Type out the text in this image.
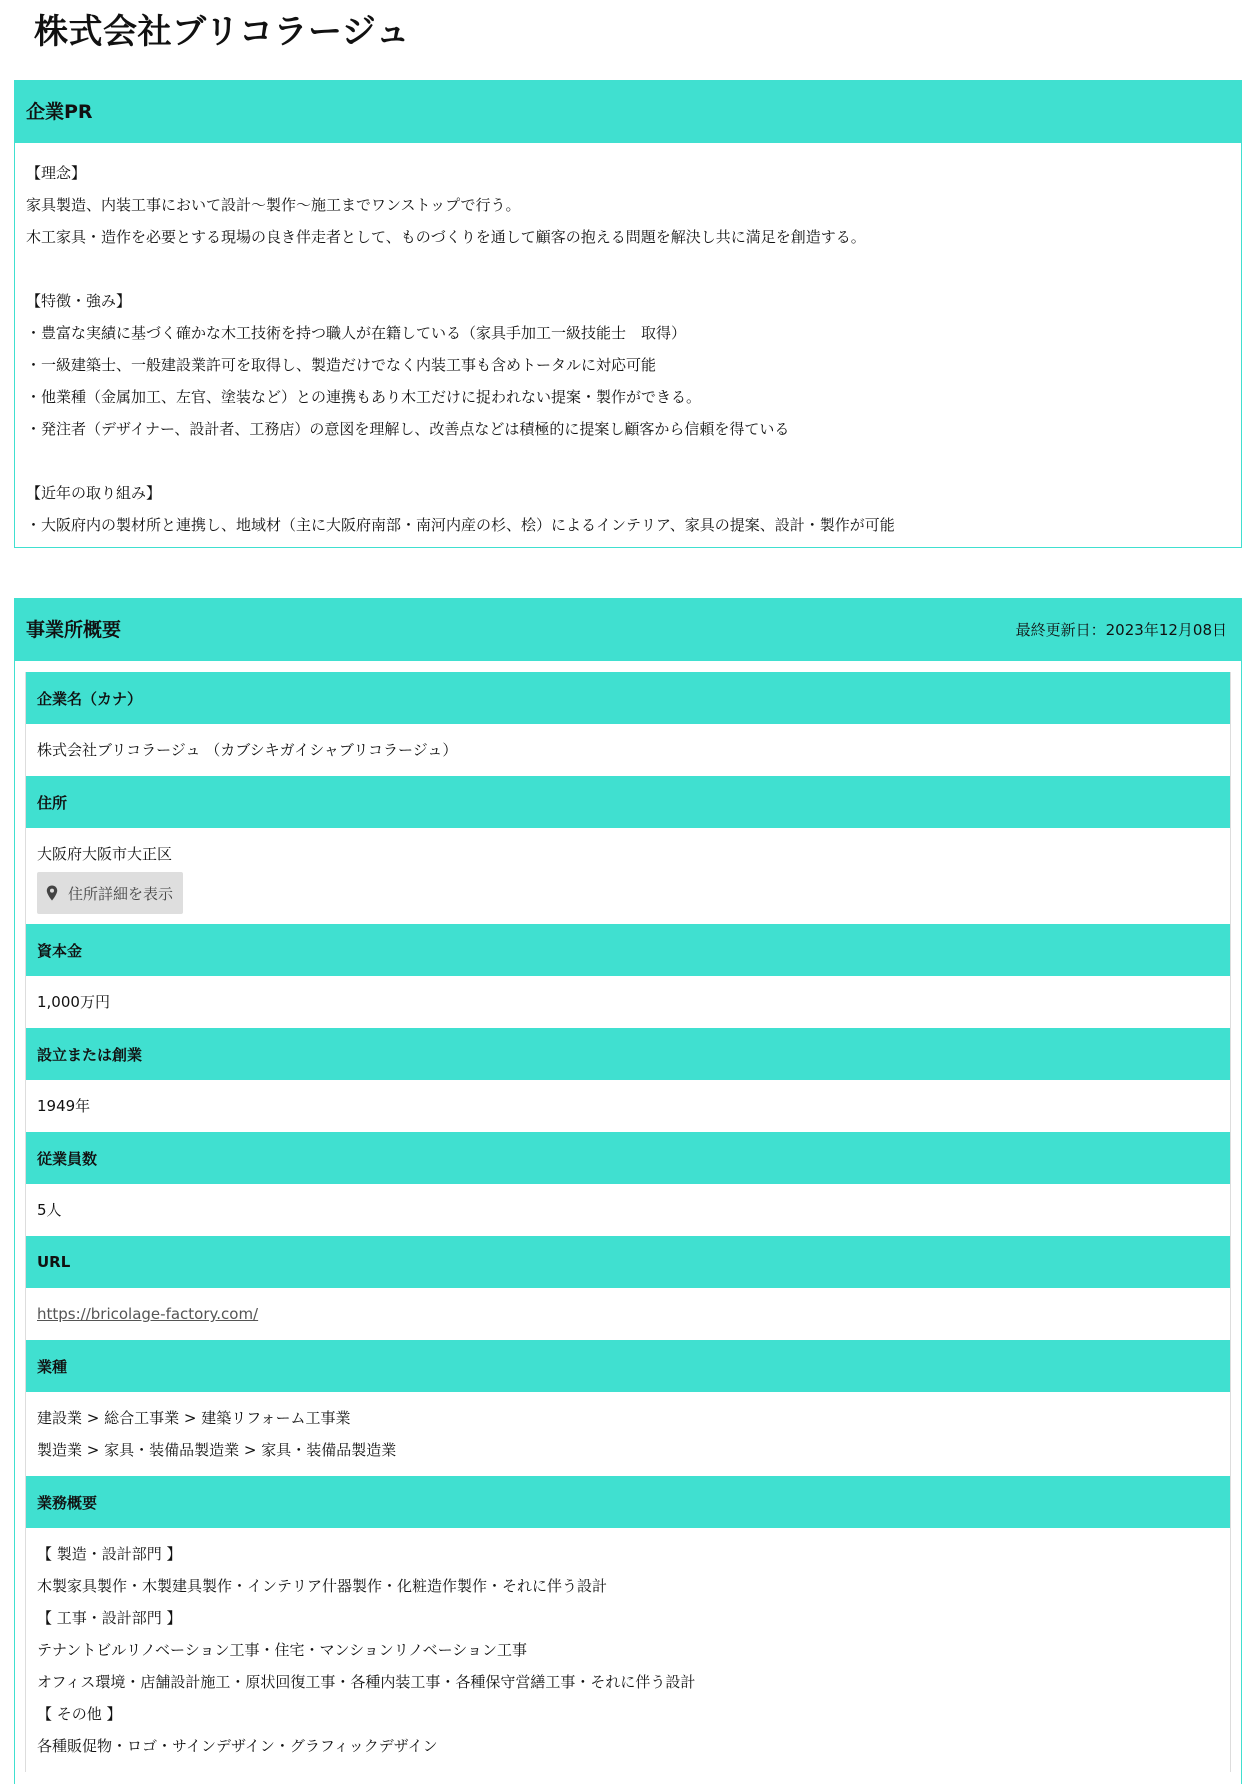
株式会社ブリコラージュ
企業PR
【理念】
家具製造、内装工事において設計～製作～施工までワンストップで行う。
木工家具・造作を必要とする現場の良き伴走者として、ものづくりを通して顧客の抱える問題を解決し共に満足を創造する。
【特徴・強み】
・豊富な実績に基づく確かな木工技術を持つ職人が在籍している（家具手加工一級技能士　取得）
・一級建築士、一般建設業許可を取得し、製造だけでなく内装工事も含めトータルに対応可能
・他業種（金属加工、左官、塗装など）との連携もあり木工だけに捉われない提案・製作ができる。
・発注者（デザイナー、設計者、工務店）の意図を理解し、改善点などは積極的に提案し顧客から信頼を得ている
【近年の取り組み】
・大阪府内の製材所と連携し、地域材（主に大阪府南部・南河内産の杉、桧）によるインテリア、家具の提案、設計・製作が可能
事業所概要	最終更新日：2023年12月08日
企業名（カナ）
株式会社ブリコラージュ （カブシキガイシャブリコラージュ）
住所
大阪府大阪市大正区
住所詳細を表示
資本金
1,000万円
設立または創業
1949年
従業員数
5人
URL
https://bricolage-factory.com/
業種
建設業 > 総合工事業 > 建築リフォーム工事業
製造業 > 家具・装備品製造業 > 家具・装備品製造業
業務概要
【 製造・設計部門 】
木製家具製作・木製建具製作・インテリア什器製作・化粧造作製作・それに伴う設計
【 工事・設計部門 】
テナントビルリノベーション工事・住宅・マンションリノベーション工事
オフィス環境・店舗設計施工・原状回復工事・各種内装工事・各種保守営繕工事・それに伴う設計
【 その他 】
各種販促物・ロゴ・サインデザイン・グラフィックデザイン
